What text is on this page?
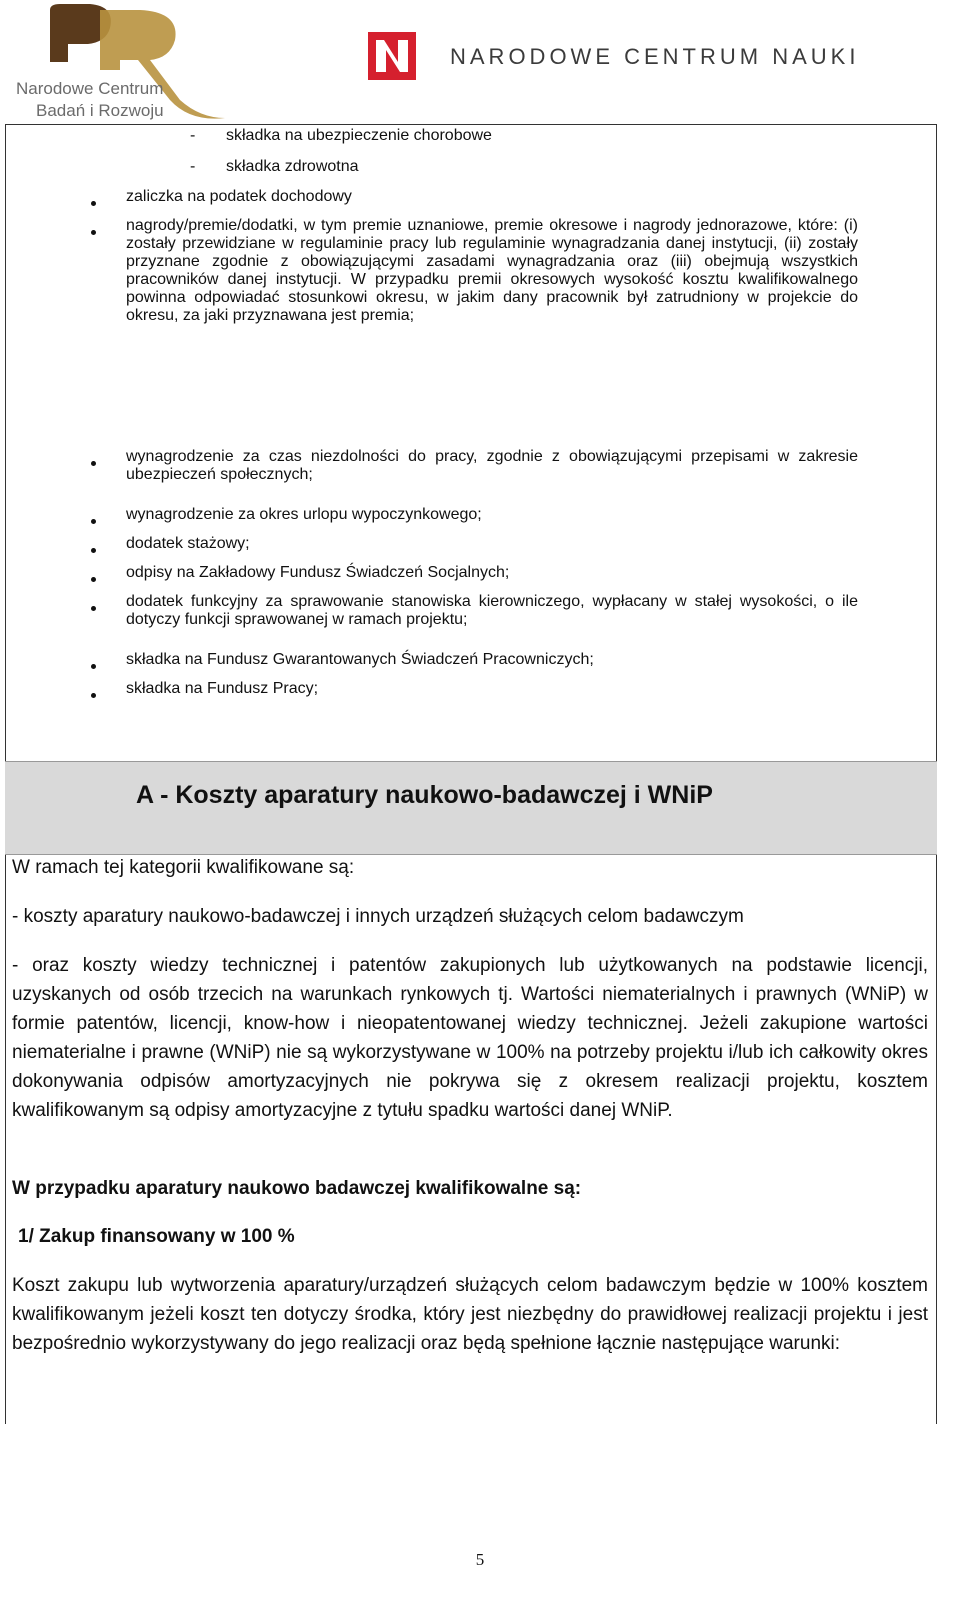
BR
Narodowe Centrum
Badań i Rozwoju
NARODOWE CENTRUM NAUKI
- składka na ubezpieczenie chorobowe
- składka zdrowotna
zaliczka na podatek dochodowy
nagrody/premie/dodatki, w tym premie uznaniowe, premie okresowe i nagrody jednorazowe, które: (i) zostały przewidziane w regulaminie pracy lub regulaminie wynagradzania danej instytucji, (ii) zostały przyznane zgodnie z obowiązującymi zasadami wynagradzania oraz (iii) obejmują wszystkich pracowników danej instytucji. W przypadku premii okresowych wysokość kosztu kwalifikowalnego powinna odpowiadać stosunkowi okresu, w jakim dany pracownik był zatrudniony w projekcie do okresu, za jaki przyznawana jest premia;
wynagrodzenie za czas niezdolności do pracy, zgodnie z obowiązującymi przepisami w zakresie ubezpieczeń społecznych;
wynagrodzenie za okres urlopu wypoczynkowego;
dodatek stażowy;
odpisy na Zakładowy Fundusz Świadczeń Socjalnych;
dodatek funkcyjny za sprawowanie stanowiska kierowniczego, wypłacany w stałej wysokości, o ile dotyczy funkcji sprawowanej w ramach projektu;
składka na Fundusz Gwarantowanych Świadczeń Pracowniczych;
składka na Fundusz Pracy;
A - Koszty aparatury naukowo-badawczej i WNiP
W ramach tej kategorii kwalifikowane są:
- koszty aparatury naukowo-badawczej i innych urządzeń służących celom badawczym
- oraz koszty wiedzy technicznej i patentów zakupionych lub użytkowanych na podstawie licencji, uzyskanych od osób trzecich na warunkach rynkowych tj. Wartości niematerialnych i prawnych (WNiP) w formie patentów, licencji, know-how i nieopatentowanej wiedzy technicznej. Jeżeli zakupione wartości niematerialne i prawne (WNiP) nie są wykorzystywane w 100% na potrzeby projektu i/lub ich całkowity okres dokonywania odpisów amortyzacyjnych nie pokrywa się z okresem realizacji projektu, kosztem kwalifikowanym są odpisy amortyzacyjne z tytułu spadku wartości danej WNiP.
W przypadku aparatury naukowo badawczej kwalifikowalne są:
1/ Zakup finansowany w 100 %
Koszt zakupu lub wytworzenia aparatury/urządzeń służących celom badawczym będzie w 100% kosztem kwalifikowanym jeżeli koszt ten dotyczy środka, który jest niezbędny do prawidłowej realizacji projektu i jest bezpośrednio wykorzystywany do jego realizacji oraz będą spełnione łącznie następujące warunki:
5
